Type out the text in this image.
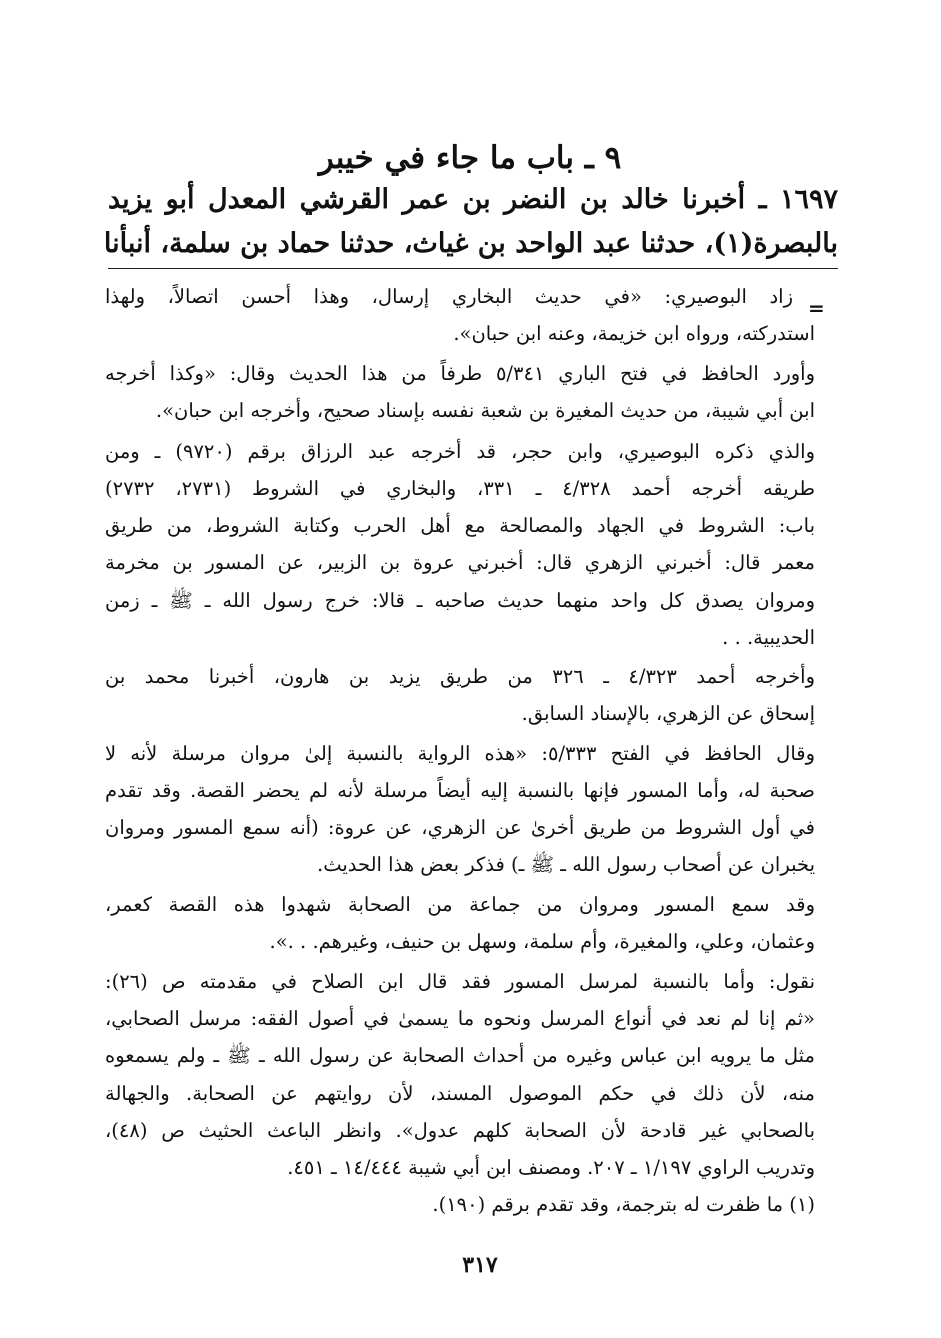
٩ ـ باب ما جاء في خيبر
١٦٩٧ ـ أخبرنا خالد بن النضر بن عمر القرشي المعدل أبو يزيد
بالبصرة(١)، حدثنا عبد الواحد بن غياث، حدثنا حماد بن سلمة، أنبأنا
=
زاد البوصيري: «في حديث البخاري إرسال، وهذا أحسن اتصالاً، ولهذا
استدركته، ورواه ابن خزيمة، وعنه ابن حبان».
وأورد الحافظ في فتح الباري ٥/٣٤١ طرفاً من هذا الحديث وقال: «وكذا أخرجه
ابن أبي شيبة، من حديث المغيرة بن شعبة نفسه بإسناد صحيح، وأخرجه ابن حبان».
والذي ذكره البوصيري، وابن حجر، قد أخرجه عبد الرزاق برقم (٩٧٢٠) ـ ومن
طريقه أخرجه أحمد ٤/٣٢٨ ـ ٣٣١، والبخاري في الشروط (٢٧٣١، ٢٧٣٢)
باب: الشروط في الجهاد والمصالحة مع أهل الحرب وكتابة الشروط، من طريق
معمر قال: أخبرني الزهري قال: أخبرني عروة بن الزبير، عن المسور بن مخرمة
ومروان يصدق كل واحد منهما حديث صاحبه ـ قالا: خرج رسول الله ـ ﷺ ـ زمن
الحديبية. . .
وأخرجه أحمد ٤/٣٢٣ ـ ٣٢٦ من طريق يزيد بن هارون، أخبرنا محمد بن
إسحاق عن الزهري، بالإسناد السابق.
وقال الحافظ في الفتح ٥/٣٣٣: «هذه الرواية بالنسبة إلىٰ مروان مرسلة لأنه لا
صحبة له، وأما المسور فإنها بالنسبة إليه أيضاً مرسلة لأنه لم يحضر القصة. وقد تقدم
في أول الشروط من طريق أخرىٰ عن الزهري، عن عروة: (أنه سمع المسور ومروان
يخبران عن أصحاب رسول الله ـ ﷺ ـ) فذكر بعض هذا الحديث.
وقد سمع المسور ومروان من جماعة من الصحابة شهدوا هذه القصة كعمر،
وعثمان، وعلي، والمغيرة، وأم سلمة، وسهل بن حنيف، وغيرهم. . .».
نقول: وأما بالنسبة لمرسل المسور فقد قال ابن الصلاح في مقدمته ص (٢٦):
«ثم إنا لم نعد في أنواع المرسل ونحوه ما يسمىٰ في أصول الفقه: مرسل الصحابي،
مثل ما يرويه ابن عباس وغيره من أحداث الصحابة عن رسول الله ـ ﷺ ـ ولم يسمعوه
منه، لأن ذلك في حكم الموصول المسند، لأن روايتهم عن الصحابة. والجهالة
بالصحابي غير قادحة لأن الصحابة كلهم عدول». وانظر الباعث الحثيث ص (٤٨)،
وتدريب الراوي ١/١٩٧ ـ ٢٠٧. ومصنف ابن أبي شيبة ١٤/٤٤٤ ـ ٤٥١.
(١) ما ظفرت له بترجمة، وقد تقدم برقم (١٩٠).
٣١٧
